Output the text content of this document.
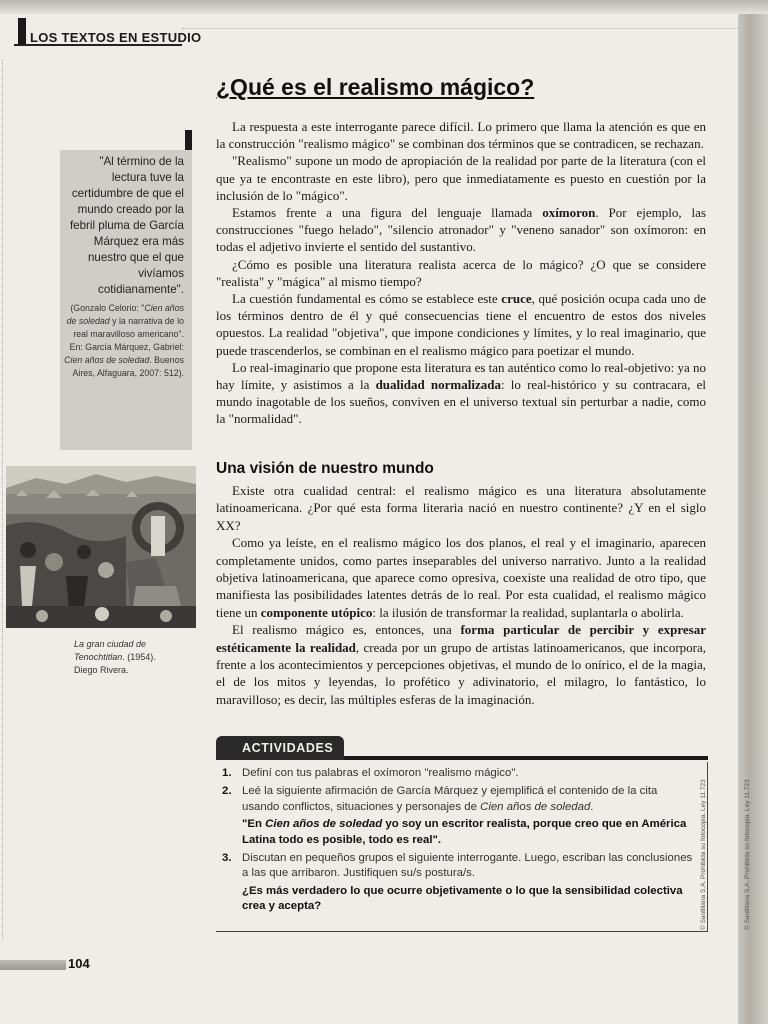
LOS TEXTOS EN ESTUDIO
¿Qué es el realismo mágico?
"Al término de la lectura tuve la certidumbre de que el mundo creado por la febril pluma de García Márquez era más nuestro que el que vivíamos cotidianamente".
(Gonzalo Celorio: "Cien años de soledad y la narrativa de lo real maravilloso americano". En: García Márquez, Gabriel: Cien años de soledad. Buenos Aires, Alfaguara, 2007: 512).

La respuesta a este interrogante parece difícil. Lo primero que llama la atención es que en la construcción "realismo mágico" se combinan dos términos que se contradicen, se rechazan.

"Realismo" supone un modo de apropiación de la realidad por parte de la literatura (con el que ya te encontraste en este libro), pero que inmediatamente es puesto en cuestión por la inclusión de lo "mágico".

Estamos frente a una figura del lenguaje llamada oxímoron. Por ejemplo, las construcciones "fuego helado", "silencio atronador" y "veneno sanador" son oxímoron: en todas el adjetivo invierte el sentido del sustantivo.

¿Cómo es posible una literatura realista acerca de lo mágico? ¿O que se considere "realista" y "mágica" al mismo tiempo?

La cuestión fundamental es cómo se establece este cruce, qué posición ocupa cada uno de los términos dentro de él y qué consecuencias tiene el encuentro de estos dos niveles opuestos. La realidad "objetiva", que impone condiciones y límites, y lo real imaginario, que puede trascenderlos, se combinan en el realismo mágico para poetizar el mundo.

Lo real-imaginario que propone esta literatura es tan auténtico como lo real-objetivo: ya no hay límite, y asistimos a la dualidad normalizada: lo real-histórico y su contracara, el mundo inagotable de los sueños, conviven en el universo textual sin perturbar a nadie, como la "normalidad".

La gran ciudad de Tenochtitlan. (1954).
Diego Rivera.
Una visión de nuestro mundo

Existe otra cualidad central: el realismo mágico es una literatura absolutamente latinoamericana. ¿Por qué esta forma literaria nació en nuestro continente? ¿Y en el siglo XX?

Como ya leíste, en el realismo mágico los dos planos, el real y el imaginario, aparecen completamente unidos, como partes inseparables del universo narrativo. Junto a la realidad objetiva latinoamericana, que aparece como opresiva, coexiste una realidad de otro tipo, que manifiesta las posibilidades latentes detrás de lo real. Por esta cualidad, el realismo mágico tiene un componente utópico: la ilusión de transformar la realidad, suplantarla o abolirla.

El realismo mágico es, entonces, una forma particular de percibir y expresar estéticamente la realidad, creada por un grupo de artistas latinoamericanos, que incorpora, frente a los acontecimientos y percepciones objetivas, el mundo de lo onírico, el de la magia, el de los mitos y leyendas, lo profético y adivinatorio, el milagro, lo fantástico, lo maravilloso; es decir, las múltiples esferas de la imaginación.

ACTIVIDADES
1. Definí con tus palabras el oxímoron "realismo mágico".
2. Leé la siguiente afirmación de García Márquez y ejemplificá el contenido de la cita usando conflictos, situaciones y personajes de Cien años de soledad.
"En Cien años de soledad yo soy un escritor realista, porque creo que en América Latina todo es posible, todo es real".
3. Discutan en pequeños grupos el siguiente interrogante. Luego, escriban las conclusiones a las que arribaron. Justifiquen su/s postura/s.
¿Es más verdadero lo que ocurre objetivamente o lo que la sensibilidad colectiva crea y acepta?
104
© Santillana S.A. Prohibida su fotocopia. Ley 11.723	© Santillana S.A. Prohibida su fotocopia. Ley 11.723
